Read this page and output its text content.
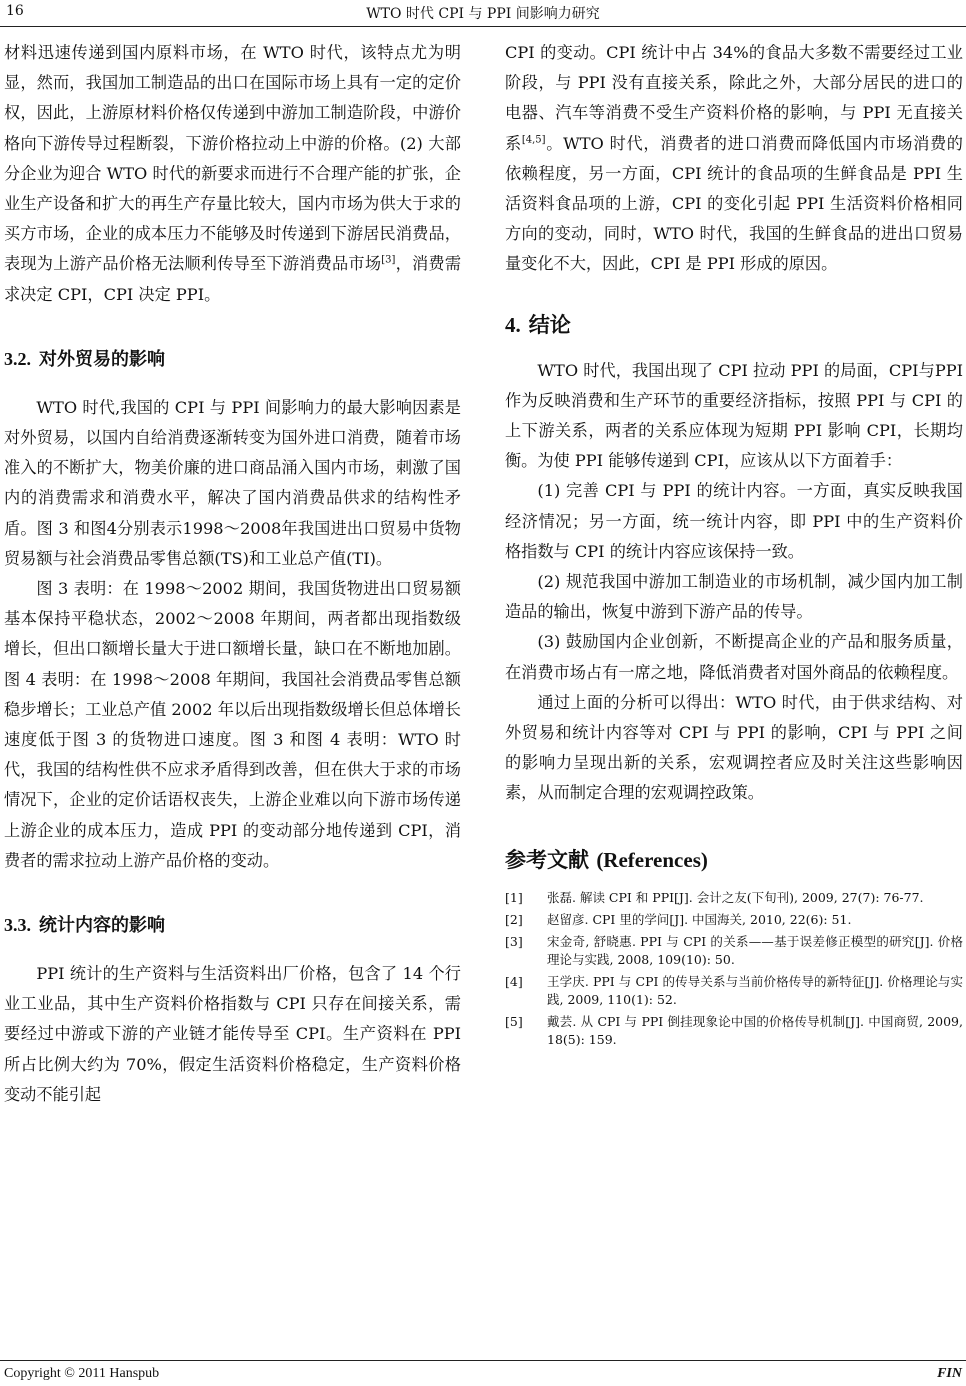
16	WTO 时代 CPI 与 PPI 间影响力研究

材料迅速传递到国内原料市场，在 WTO 时代，该特点尤为明显，然而，我国加工制造品的出口在国际市场上具有一定的定价权，因此，上游原材料价格仅传递到中游加工制造阶段，中游价格向下游传导过程断裂，下游价格拉动上中游的价格。(2) 大部分企业为迎合 WTO 时代的新要求而进行不合理产能的扩张，企业生产设备和扩大的再生产存量比较大，国内市场为供大于求的买方市场，企业的成本压力不能够及时传递到下游居民消费品，表现为上游产品价格无法顺利传导至下游消费品市场[3]，消费需求决定 CPI，CPI 决定 PPI。

3.2. 对外贸易的影响

WTO 时代,我国的 CPI 与 PPI 间影响力的最大影响因素是对外贸易，以国内自给消费逐渐转变为国外进口消费，随着市场准入的不断扩大，物美价廉的进口商品涌入国内市场，刺激了国内的消费需求和消费水平，解决了国内消费品供求的结构性矛盾。图 3 和图4分别表示1998～2008年我国进出口贸易中货物贸易额与社会消费品零售总额(TS)和工业总产值(TI)。

图 3 表明：在 1998～2002 期间，我国货物进出口贸易额基本保持平稳状态，2002～2008 年期间，两者都出现指数级增长，但出口额增长量大于进口额增长量，缺口在不断地加剧。图 4 表明：在 1998～2008 年期间，我国社会消费品零售总额稳步增长；工业总产值 2002 年以后出现指数级增长但总体增长速度低于图 3 的货物进口速度。图 3 和图 4 表明：WTO 时代，我国的结构性供不应求矛盾得到改善，但在供大于求的市场情况下，企业的定价话语权丧失，上游企业难以向下游市场传递上游企业的成本压力，造成 PPI 的变动部分地传递到 CPI，消费者的需求拉动上游产品价格的变动。

3.3. 统计内容的影响

PPI 统计的生产资料与生活资料出厂价格，包含了 14 个行业工业品，其中生产资料价格指数与 CPI 只存在间接关系，需要经过中游或下游的产业链才能传导至 CPI。生产资料在 PPI 所占比例大约为 70%，假定生活资料价格稳定，生产资料价格变动不能引起

CPI 的变动。CPI 统计中占 34%的食品大多数不需要经过工业阶段，与 PPI 没有直接关系，除此之外，大部分居民的进口的电器、汽车等消费不受生产资料价格的影响，与 PPI 无直接关系[4,5]。WTO 时代，消费者的进口消费而降低国内市场消费的依赖程度，另一方面，CPI 统计的食品项的生鲜食品是 PPI 生活资料食品项的上游，CPI 的变化引起 PPI 生活资料价格相同方向的变动，同时，WTO 时代，我国的生鲜食品的进出口贸易量变化不大，因此，CPI 是 PPI 形成的原因。

4. 结论

WTO 时代，我国出现了 CPI 拉动 PPI 的局面，CPI与PPI作为反映消费和生产环节的重要经济指标，按照 PPI 与 CPI 的上下游关系，两者的关系应体现为短期 PPI 影响 CPI，长期均衡。为使 PPI 能够传递到 CPI，应该从以下方面着手：

(1) 完善 CPI 与 PPI 的统计内容。一方面，真实反映我国经济情况；另一方面，统一统计内容，即 PPI 中的生产资料价格指数与 CPI 的统计内容应该保持一致。

(2) 规范我国中游加工制造业的市场机制，减少国内加工制造品的输出，恢复中游到下游产品的传导。

(3) 鼓励国内企业创新，不断提高企业的产品和服务质量，在消费市场占有一席之地，降低消费者对国外商品的依赖程度。

通过上面的分析可以得出：WTO 时代，由于供求结构、对外贸易和统计内容等对 CPI 与 PPI 的影响，CPI 与 PPI 之间的影响力呈现出新的关系，宏观调控者应及时关注这些影响因素，从而制定合理的宏观调控政策。

参考文献 (References)
[1] 张磊. 解读 CPI 和 PPI[J]. 会计之友(下旬刊), 2009, 27(7): 76-77.
[2] 赵留彦. CPI 里的学问[J]. 中国海关, 2010, 22(6): 51.
[3] 宋金奇, 舒晓惠. PPI 与 CPI 的关系——基于误差修正模型的研究[J]. 价格理论与实践, 2008, 109(10): 50.
[4] 王学庆. PPI 与 CPI 的传导关系与当前价格传导的新特征[J]. 价格理论与实践, 2009, 110(1): 52.
[5] 戴芸. 从 CPI 与 PPI 倒挂现象论中国的价格传导机制[J]. 中国商贸, 2009, 18(5): 159.
Copyright © 2011 Hanspub	FIN
